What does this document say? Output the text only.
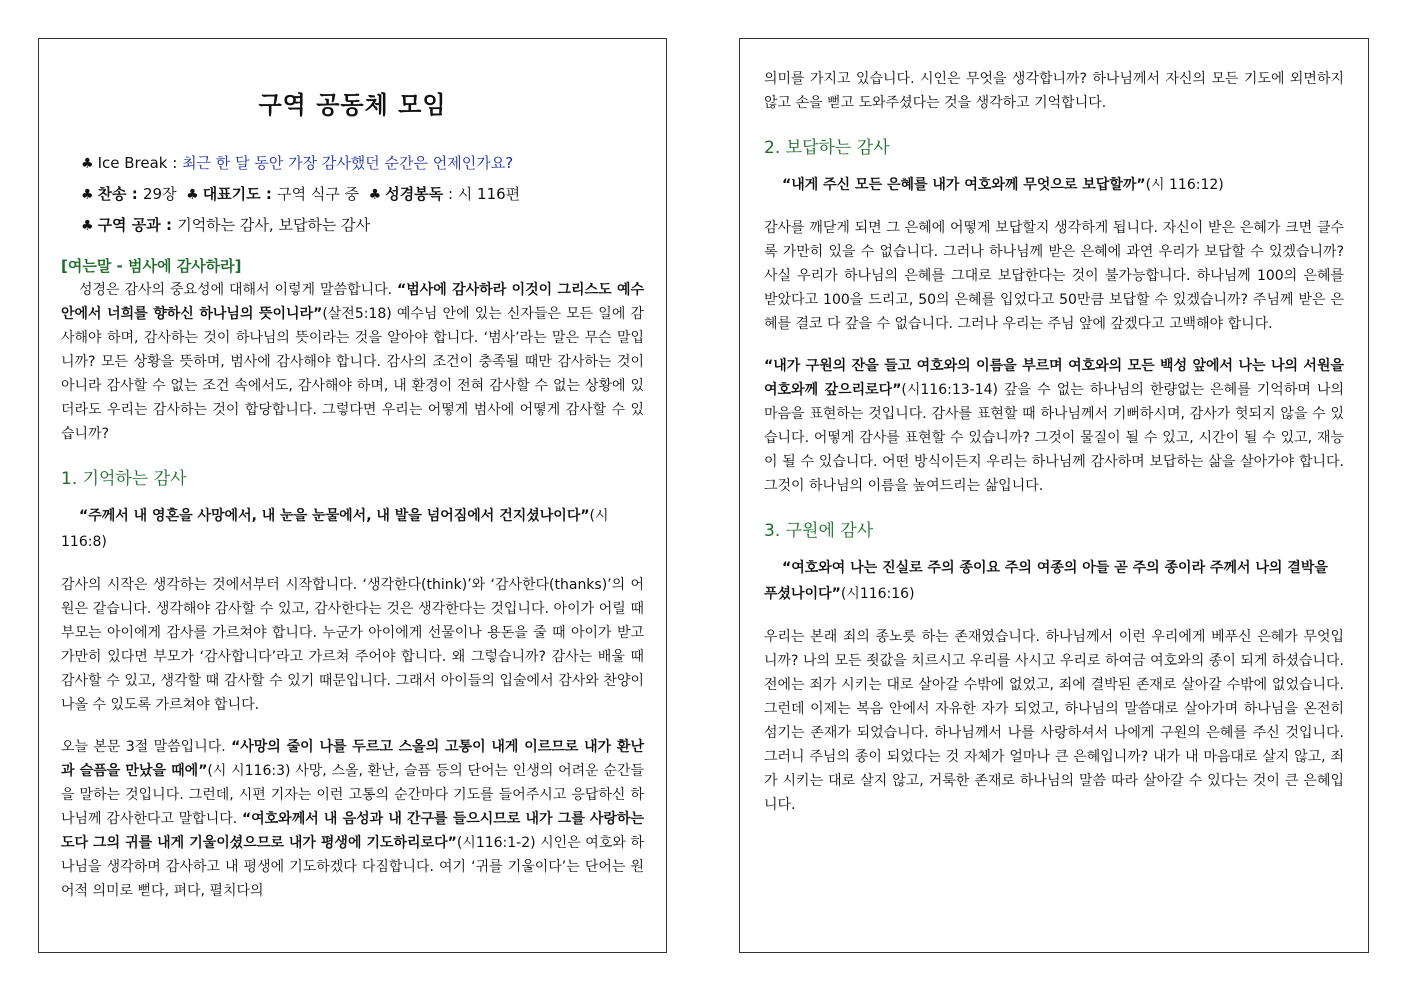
구역 공동체 모임
♣ Ice Break : 최근 한 달 동안 가장 감사했던 순간은 언제인가요?
♣ 찬송 : 29장 ♣ 대표기도 : 구역 식구 중 ♣ 성경봉독 : 시 116편
♣ 구역 공과 : 기억하는 감사, 보답하는 감사
[여는말 - 범사에 감사하라]

성경은 감사의 중요성에 대해서 이렇게 말씀합니다. “범사에 감사하라 이것이 그리스도 예수 안에서 너희를 향하신 하나님의 뜻이니라”(살전5:18) 예수님 안에 있는 신자들은 모든 일에 감사해야 하며, 감사하는 것이 하나님의 뜻이라는 것을 알아야 합니다. ‘범사’라는 말은 무슨 말입니까? 모든 상황을 뜻하며, 범사에 감사해야 합니다. 감사의 조건이 충족될 때만 감사하는 것이 아니라 감사할 수 없는 조건 속에서도, 감사해야 하며, 내 환경이 전혀 감사할 수 없는 상황에 있더라도 우리는 감사하는 것이 합당합니다. 그렇다면 우리는 어떻게 범사에 어떻게 감사할 수 있습니까?

1. 기억하는 감사

“주께서 내 영혼을 사망에서, 내 눈을 눈물에서, 내 발을 넘어짐에서 건지셨나이다”(시 116:8)

감사의 시작은 생각하는 것에서부터 시작합니다. ‘생각한다(think)’와 ‘감사한다(thanks)’의 어원은 같습니다. 생각해야 감사할 수 있고, 감사한다는 것은 생각한다는 것입니다. 아이가 어릴 때 부모는 아이에게 감사를 가르쳐야 합니다. 누군가 아이에게 선물이나 용돈을 줄 때 아이가 받고 가만히 있다면 부모가 ‘감사합니다’라고 가르쳐 주어야 합니다. 왜 그렇습니까? 감사는 배울 때 감사할 수 있고, 생각할 때 감사할 수 있기 때문입니다. 그래서 아이들의 입술에서 감사와 찬양이 나올 수 있도록 가르쳐야 합니다.

오늘 본문 3절 말씀입니다. “사망의 줄이 나를 두르고 스올의 고통이 내게 이르므로 내가 환난과 슬픔을 만났을 때에”(시 시116:3) 사망, 스올, 환난, 슬픔 등의 단어는 인생의 어려운 순간들을 말하는 것입니다. 그런데, 시편 기자는 이런 고통의 순간마다 기도를 들어주시고 응답하신 하나님께 감사한다고 말합니다. “여호와께서 내 음성과 내 간구를 들으시므로 내가 그를 사랑하는도다 그의 귀를 내게 기울이셨으므로 내가 평생에 기도하리로다”(시116:1-2) 시인은 여호와 하나님을 생각하며 감사하고 내 평생에 기도하겠다 다짐합니다. 여기 ‘귀를 기울이다’는 단어는 원어적 의미로 뻗다, 펴다, 펼치다의

의미를 가지고 있습니다. 시인은 무엇을 생각합니까? 하나님께서 자신의 모든 기도에 외면하지 않고 손을 뻗고 도와주셨다는 것을 생각하고 기억합니다.

2. 보답하는 감사

“내게 주신 모든 은혜를 내가 여호와께 무엇으로 보답할까”(시 116:12)

감사를 깨닫게 되면 그 은혜에 어떻게 보답할지 생각하게 됩니다. 자신이 받은 은혜가 크면 클수록 가만히 있을 수 없습니다. 그러나 하나님께 받은 은혜에 과연 우리가 보답할 수 있겠습니까? 사실 우리가 하나님의 은혜를 그대로 보답한다는 것이 불가능합니다. 하나님께 100의 은혜를 받았다고 100을 드리고, 50의 은혜를 입었다고 50만큼 보답할 수 있겠습니까? 주님께 받은 은혜를 결코 다 갚을 수 없습니다. 그러나 우리는 주님 앞에 갚겠다고 고백해야 합니다.

“내가 구원의 잔을 들고 여호와의 이름을 부르며 여호와의 모든 백성 앞에서 나는 나의 서원을 여호와께 갚으리로다”(시116:13-14) 갚을 수 없는 하나님의 한량없는 은혜를 기억하며 나의 마음을 표현하는 것입니다. 감사를 표현할 때 하나님께서 기뻐하시며, 감사가 헛되지 않을 수 있습니다. 어떻게 감사를 표현할 수 있습니까? 그것이 물질이 될 수 있고, 시간이 될 수 있고, 재능이 될 수 있습니다. 어떤 방식이든지 우리는 하나님께 감사하며 보답하는 삶을 살아가야 합니다. 그것이 하나님의 이름을 높여드리는 삶입니다.

3. 구원에 감사

“여호와여 나는 진실로 주의 종이요 주의 여종의 아들 곧 주의 종이라 주께서 나의 결박을 푸셨나이다”(시116:16)

우리는 본래 죄의 종노릇 하는 존재였습니다. 하나님께서 이런 우리에게 베푸신 은혜가 무엇입니까? 나의 모든 죗값을 치르시고 우리를 사시고 우리로 하여금 여호와의 종이 되게 하셨습니다. 전에는 죄가 시키는 대로 살아갈 수밖에 없었고, 죄에 결박된 존재로 살아갈 수밖에 없었습니다. 그런데 이제는 복음 안에서 자유한 자가 되었고, 하나님의 말씀대로 살아가며 하나님을 온전히 섬기는 존재가 되었습니다. 하나님께서 나를 사랑하셔서 나에게 구원의 은혜를 주신 것입니다. 그러니 주님의 종이 되었다는 것 자체가 얼마나 큰 은혜입니까? 내가 내 마음대로 살지 않고, 죄가 시키는 대로 살지 않고, 거룩한 존재로 하나님의 말씀 따라 살아갈 수 있다는 것이 큰 은혜입니다.
